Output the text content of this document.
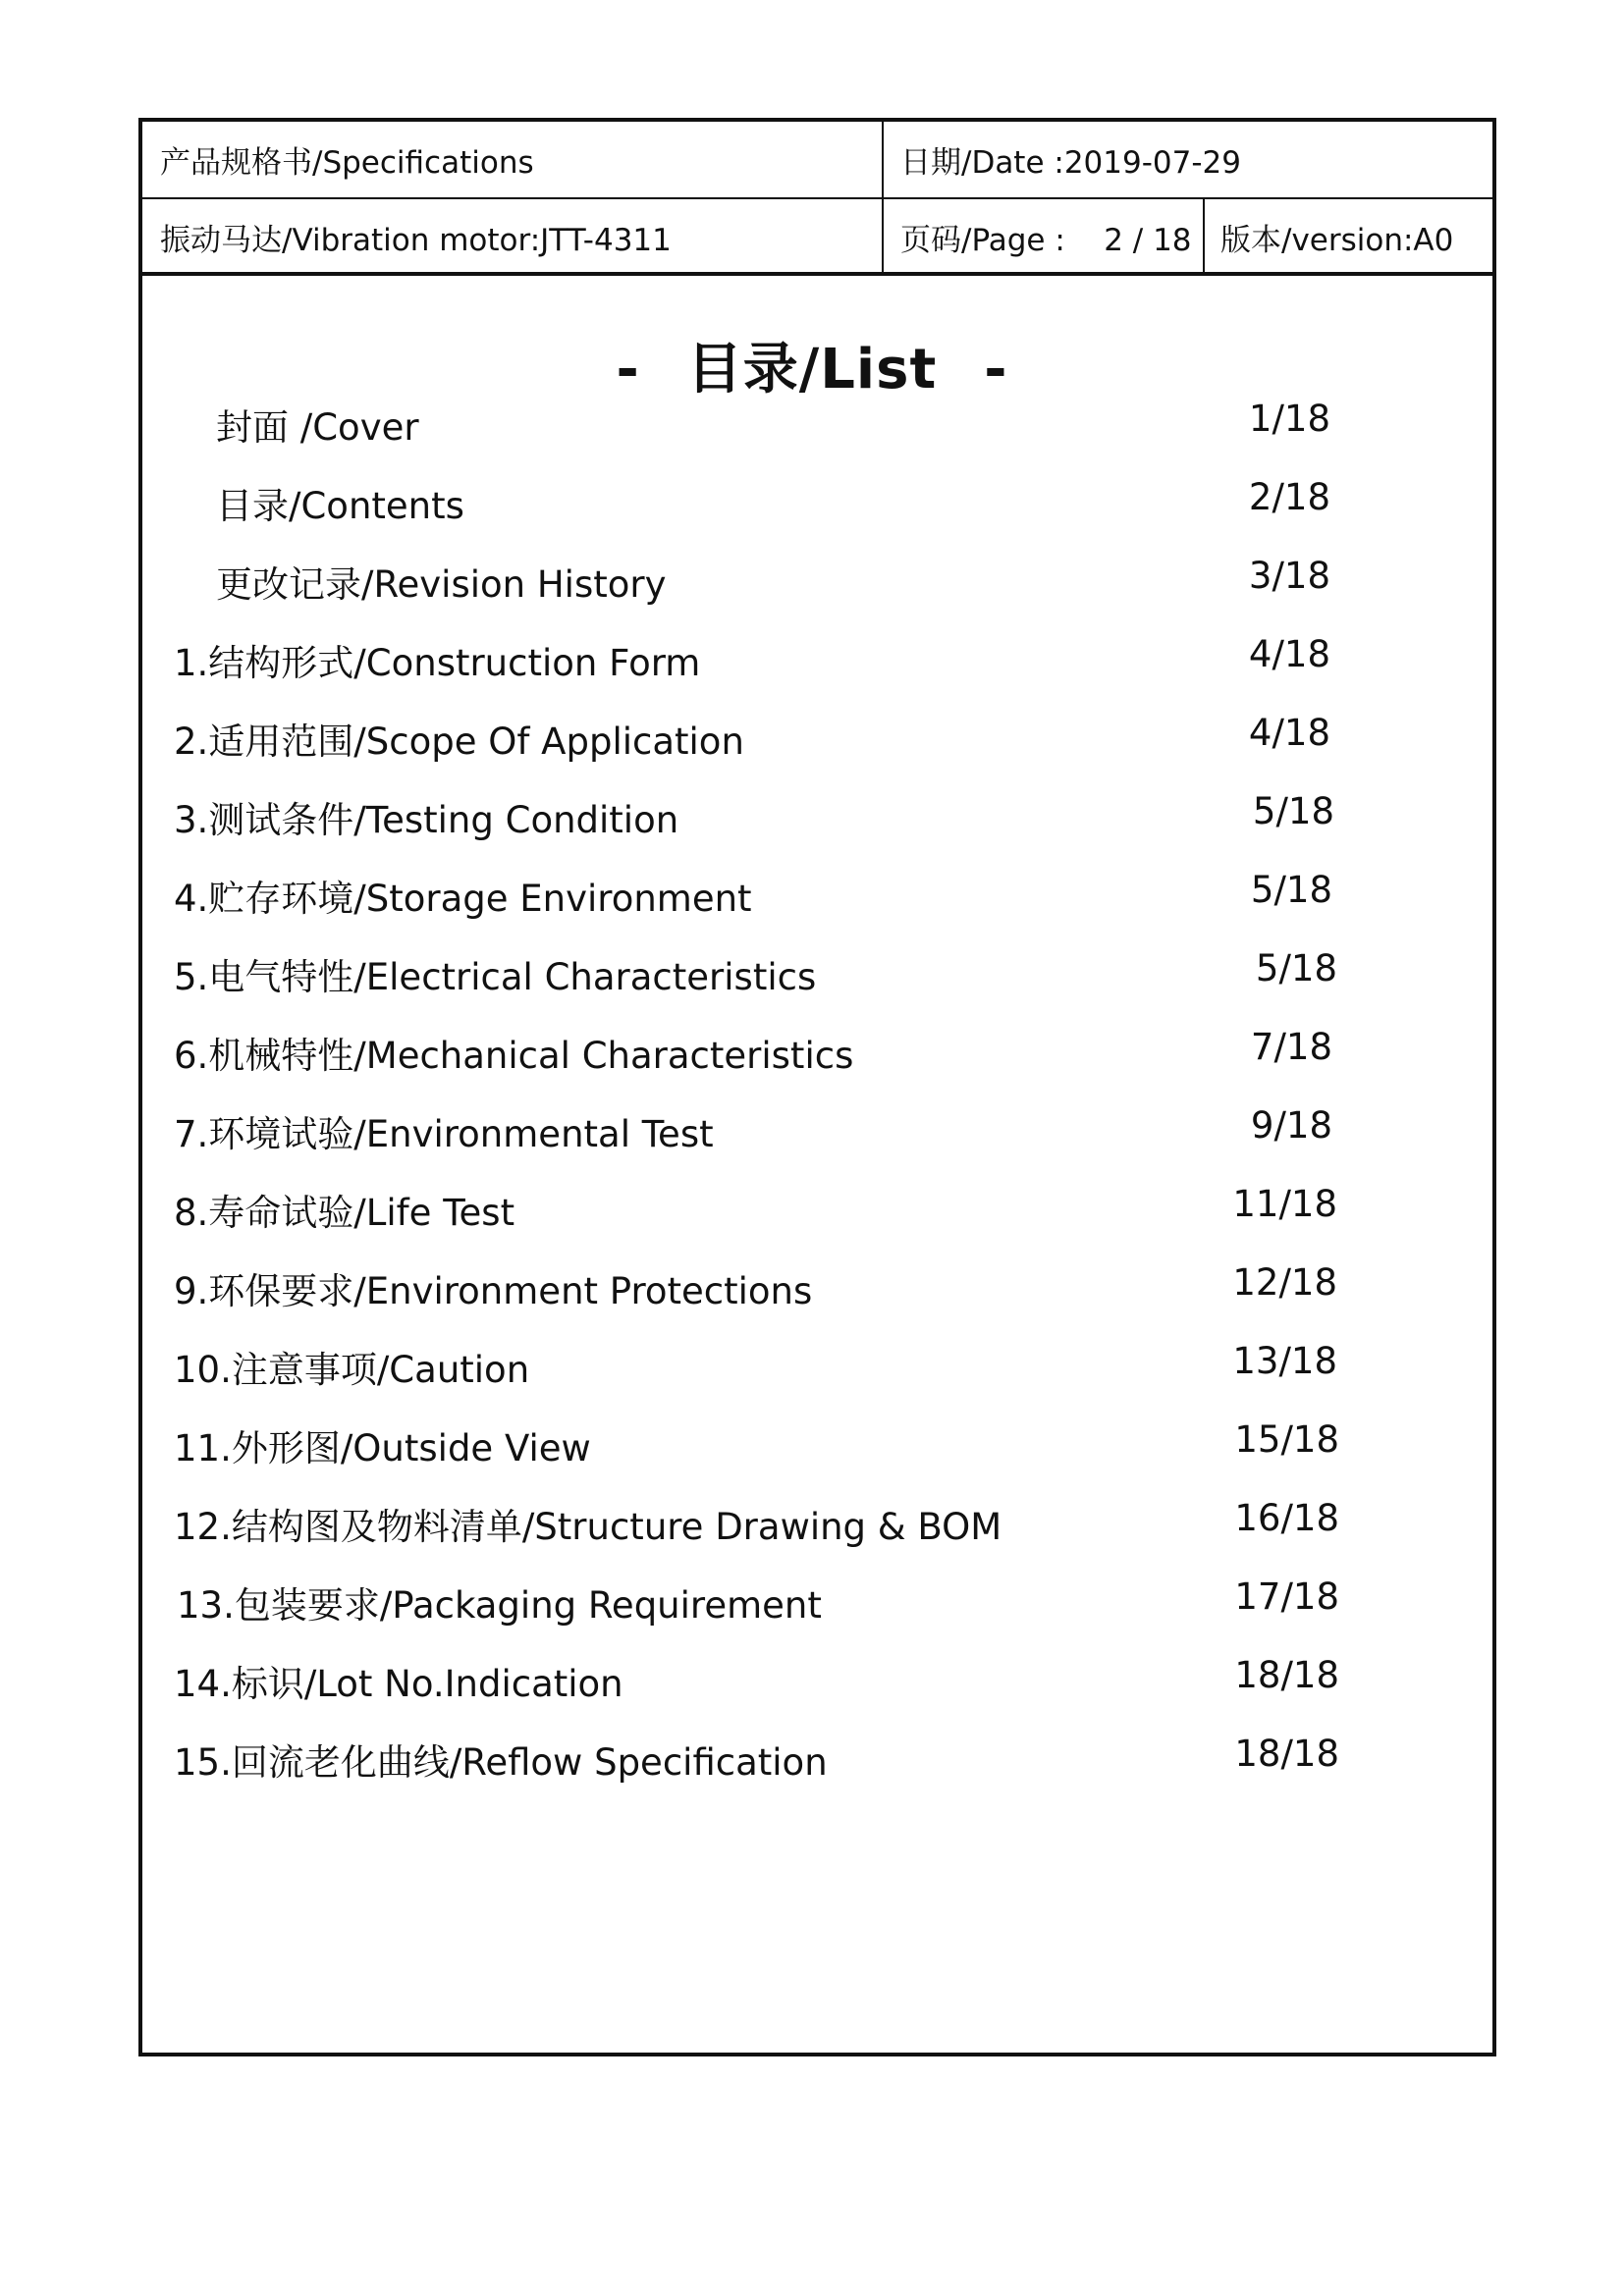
产品规格书/Specifications	日期/Date :2019-07-29
振动马达/Vibration motor:JTT-4311	页码/Page :    2 / 18 版本/version:A0
- 目录/List -
封面 /Cover	1/18
目录/Contents	2/18
更改记录/Revision History	3/18
1.结构形式/Construction Form	4/18
2.适用范围/Scope Of Application	4/18
3.测试条件/Testing Condition	5/18
4.贮存环境/Storage Environment	5/18
5.电气特性/Electrical Characteristics	5/18
6.机械特性/Mechanical Characteristics	7/18
7.环境试验/Environmental Test	9/18
8.寿命试验/Life Test	11/18
9.环保要求/Environment Protections	12/18
10.注意事项/Caution	13/18
11.外形图/Outside View	15/18
12.结构图及物料清单/Structure Drawing & BOM	16/18
13.包装要求/Packaging Requirement	17/18
14.标识/Lot No.Indication	18/18
15.回流老化曲线/Reflow Specification	18/18
